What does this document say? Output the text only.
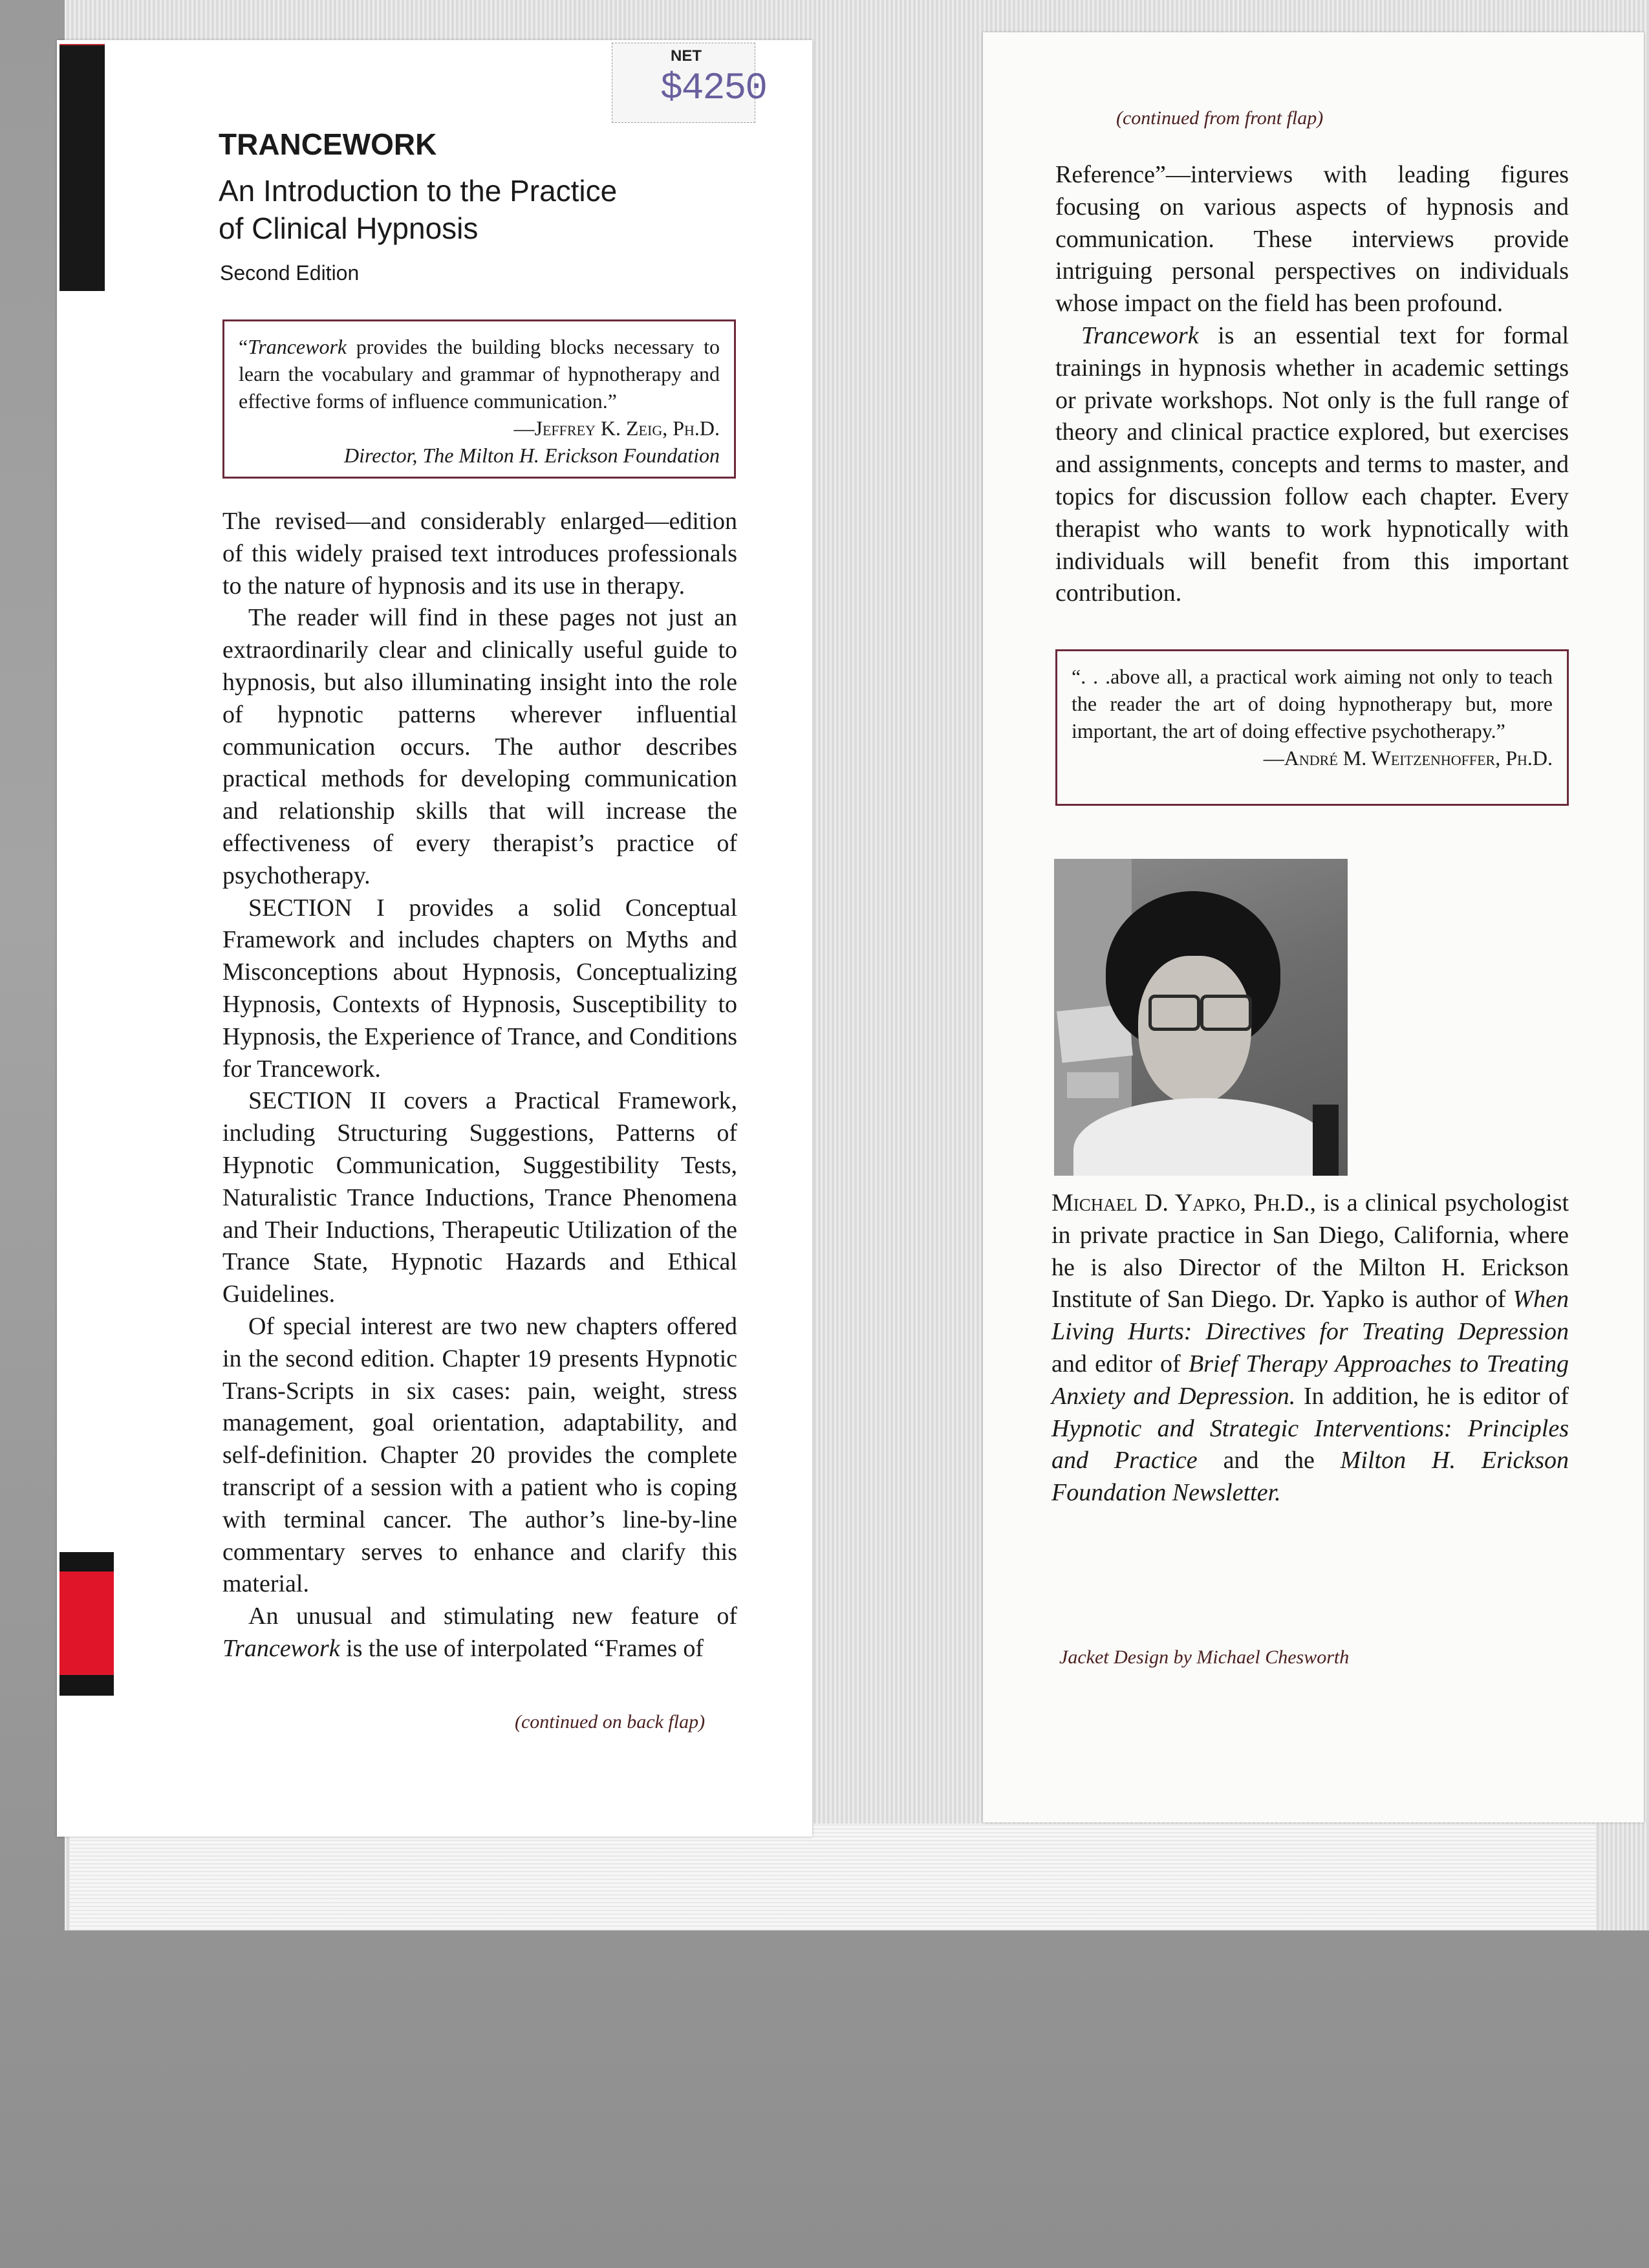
NET
$4250
TRANCEWORK
An Introduction to the Practice
of Clinical Hypnosis
Second Edition
“Trancework provides the building blocks necessary to learn the vocabulary and grammar of hypnotherapy and effective forms of influence communication.”
—Jeffrey K. Zeig, Ph.D.
Director, The Milton H. Erickson Foundation

The revised—and considerably enlarged—edition of this widely praised text introduces professionals to the nature of hypnosis and its use in therapy.

The reader will find in these pages not just an extraordinarily clear and clinically useful guide to hypnosis, but also illuminating insight into the role of hypnotic patterns wherever influential communication occurs. The author describes practical methods for developing communication and relationship skills that will increase the effectiveness of every therapist’s practice of psychotherapy.

SECTION I provides a solid Conceptual Framework and includes chapters on Myths and Misconceptions about Hypnosis, Conceptualizing Hypnosis, Contexts of Hypnosis, Susceptibility to Hypnosis, the Experience of Trance, and Conditions for Trancework.

SECTION II covers a Practical Framework, including Structuring Suggestions, Patterns of Hypnotic Communication, Suggestibility Tests, Naturalistic Trance Inductions, Trance Phenomena and Their Inductions, Therapeutic Utilization of the Trance State, Hypnotic Hazards and Ethical Guidelines.

Of special interest are two new chapters offered in the second edition. Chapter 19 presents Hypnotic Trans-Scripts in six cases: pain, weight, stress management, goal orientation, adaptability, and self-definition. Chapter 20 provides the complete transcript of a session with a patient who is coping with terminal cancer. The author’s line-by-line commentary serves to enhance and clarify this material.

An unusual and stimulating new feature of Trancework is the use of interpolated “Frames of

(continued on back flap)
(continued from front flap)

Reference”—interviews with leading figures focusing on various aspects of hypnosis and communication. These interviews provide intriguing personal perspectives on individuals whose impact on the field has been profound.

Trancework is an essential text for formal trainings in hypnosis whether in academic settings or private workshops. Not only is the full range of theory and clinical practice explored, but exercises and assignments, concepts and terms to master, and topics for discussion follow each chapter. Every therapist who wants to work hypnotically with individuals will benefit from this important contribution.

“. . .above all, a practical work aiming not only to teach the reader the art of doing hypnotherapy but, more important, the art of doing effective psychotherapy.”
—André M. Weitzenhoffer, Ph.D.
Michael D. Yapko, Ph.D., is a clinical psychologist in private practice in San Diego, California, where he is also Director of the Milton H. Erickson Institute of San Diego. Dr. Yapko is author of When Living Hurts: Directives for Treating Depression and editor of Brief Therapy Approaches to Treating Anxiety and Depression. In addition, he is editor of Hypnotic and Strategic Interventions: Principles and Practice and the Milton H. Erickson Foundation Newsletter.
Jacket Design by Michael Chesworth
